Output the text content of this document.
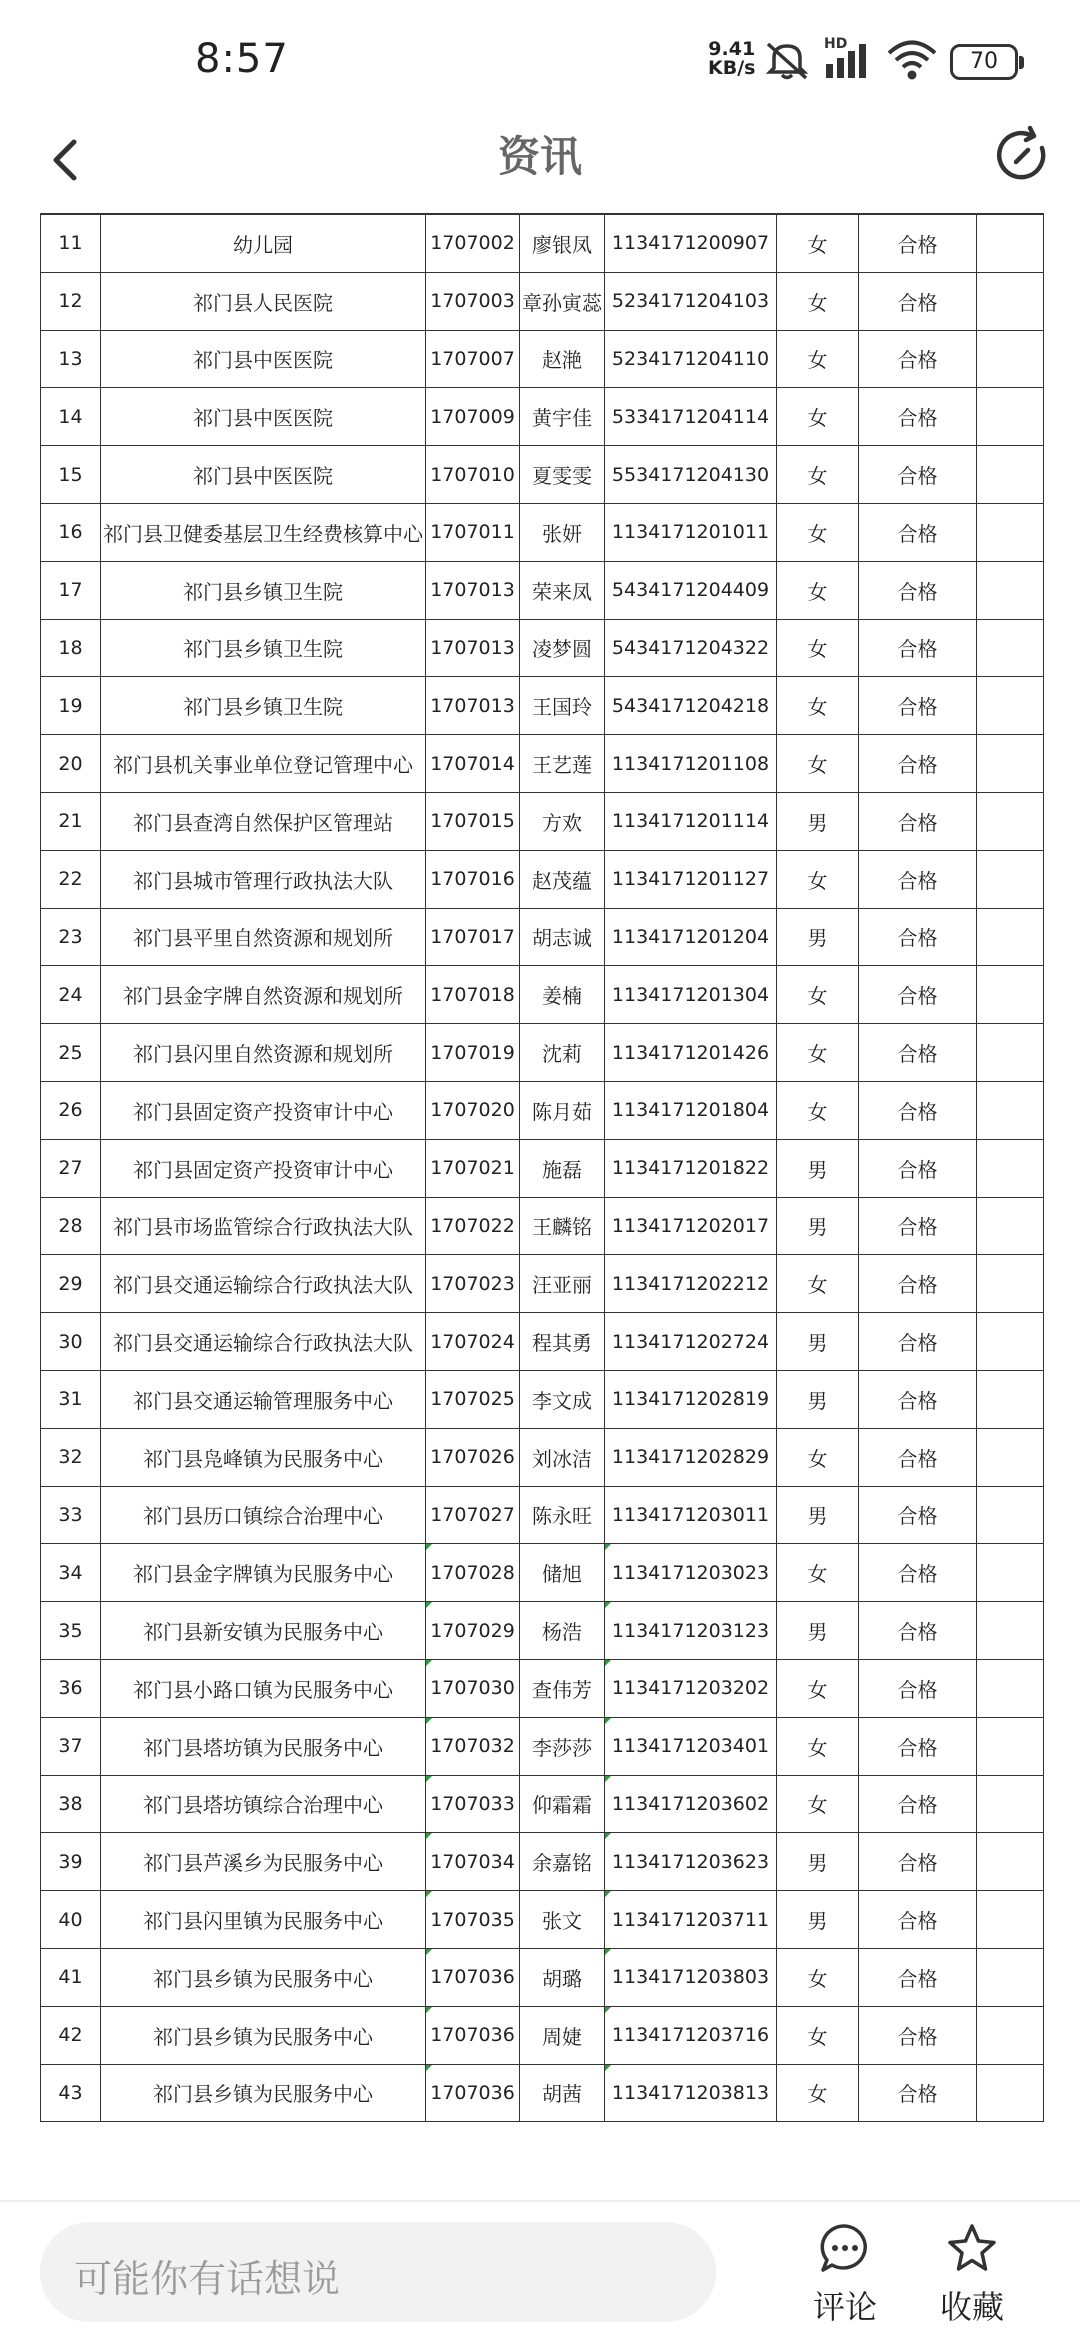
8:57	9.41
KB/s
HD
70
资讯
11	幼儿园	1707002	廖银凤	1134171200907	女	合格	
12	祁门县人民医院	1707003	章孙寅蕊	5234171204103	女	合格	
13	祁门县中医医院	1707007	赵滟	5234171204110	女	合格	
14	祁门县中医医院	1707009	黄宇佳	5334171204114	女	合格	
15	祁门县中医医院	1707010	夏雯雯	5534171204130	女	合格	
16	祁门县卫健委基层卫生经费核算中心	1707011	张妍	1134171201011	女	合格	
17	祁门县乡镇卫生院	1707013	荣来凤	5434171204409	女	合格	
18	祁门县乡镇卫生院	1707013	凌梦圆	5434171204322	女	合格	
19	祁门县乡镇卫生院	1707013	王国玲	5434171204218	女	合格	
20	祁门县机关事业单位登记管理中心	1707014	王艺莲	1134171201108	女	合格	
21	祁门县查湾自然保护区管理站	1707015	方欢	1134171201114	男	合格	
22	祁门县城市管理行政执法大队	1707016	赵茂蕴	1134171201127	女	合格	
23	祁门县平里自然资源和规划所	1707017	胡志诚	1134171201204	男	合格	
24	祁门县金字牌自然资源和规划所	1707018	姜楠	1134171201304	女	合格	
25	祁门县闪里自然资源和规划所	1707019	沈莉	1134171201426	女	合格	
26	祁门县固定资产投资审计中心	1707020	陈月茹	1134171201804	女	合格	
27	祁门县固定资产投资审计中心	1707021	施磊	1134171201822	男	合格	
28	祁门县市场监管综合行政执法大队	1707022	王麟铭	1134171202017	男	合格	
29	祁门县交通运输综合行政执法大队	1707023	汪亚丽	1134171202212	女	合格	
30	祁门县交通运输综合行政执法大队	1707024	程其勇	1134171202724	男	合格	
31	祁门县交通运输管理服务中心	1707025	李文成	1134171202819	男	合格	
32	祁门县凫峰镇为民服务中心	1707026	刘冰洁	1134171202829	女	合格	
33	祁门县历口镇综合治理中心	1707027	陈永旺	1134171203011	男	合格	
34	祁门县金字牌镇为民服务中心	1707028	储旭	1134171203023	女	合格	
35	祁门县新安镇为民服务中心	1707029	杨浩	1134171203123	男	合格	
36	祁门县小路口镇为民服务中心	1707030	查伟芳	1134171203202	女	合格	
37	祁门县塔坊镇为民服务中心	1707032	李莎莎	1134171203401	女	合格	
38	祁门县塔坊镇综合治理中心	1707033	仰霜霜	1134171203602	女	合格	
39	祁门县芦溪乡为民服务中心	1707034	余嘉铭	1134171203623	男	合格	
40	祁门县闪里镇为民服务中心	1707035	张文	1134171203711	男	合格	
41	祁门县乡镇为民服务中心	1707036	胡璐	1134171203803	女	合格	
42	祁门县乡镇为民服务中心	1707036	周婕	1134171203716	女	合格	
43	祁门县乡镇为民服务中心	1707036	胡茜	1134171203813	女	合格	
可能你有话想说
评论	收藏
